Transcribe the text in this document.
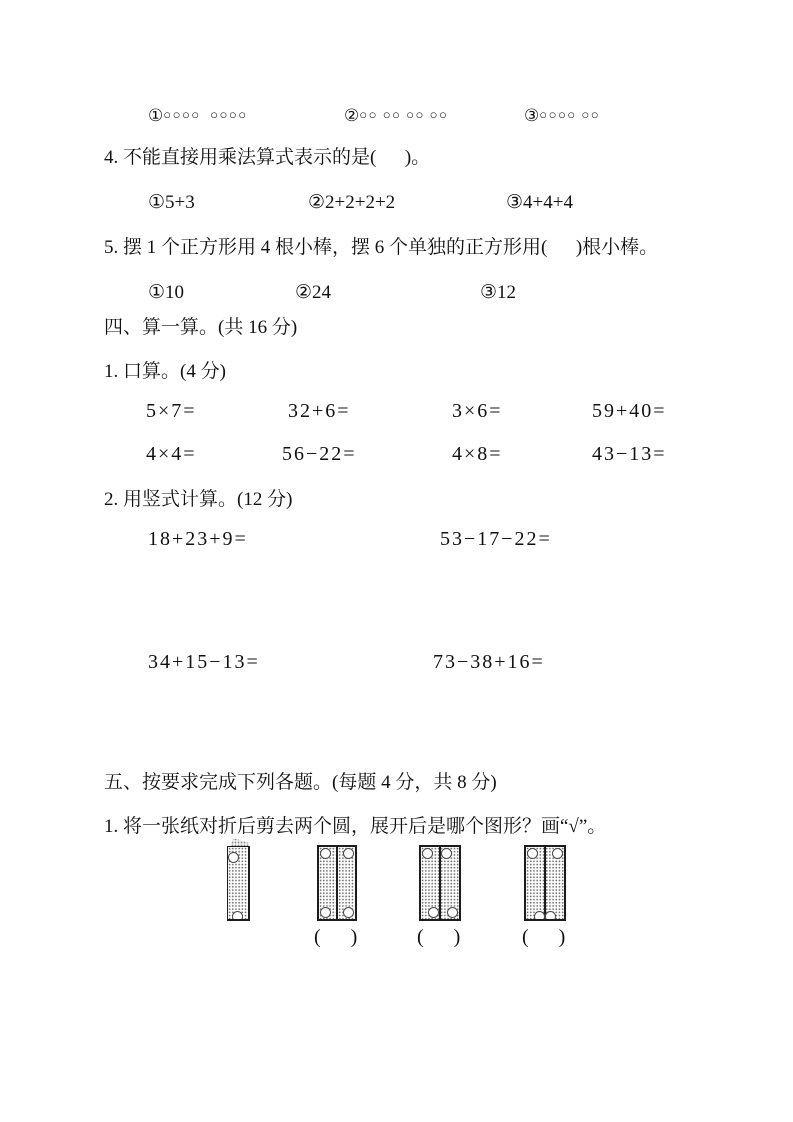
①○○○○  ○○○○	②○○ ○○ ○○ ○○	③○○○○ ○○
4. 不能直接用乘法算式表示的是(      )。
①5+3	②2+2+2+2	③4+4+4
5. 摆 1 个正方形用 4 根小棒，摆 6 个单独的正方形用(      )根小棒。
①10	②24	③12
四、算一算。(共 16 分)
1. 口算。(4 分)
5×7=	32+6=	3×6=	59+40=
4×4=	56−22=	4×8=	43−13=
2. 用竖式计算。(12 分)
18+23+9=	53−17−22=
34+15−13=	73−38+16=
五、按要求完成下列各题。(每题 4 分，共 8 分)
1. 将一张纸对折后剪去两个圆，展开后是哪个图形？画“√”。
(      )	(      )	(      )
